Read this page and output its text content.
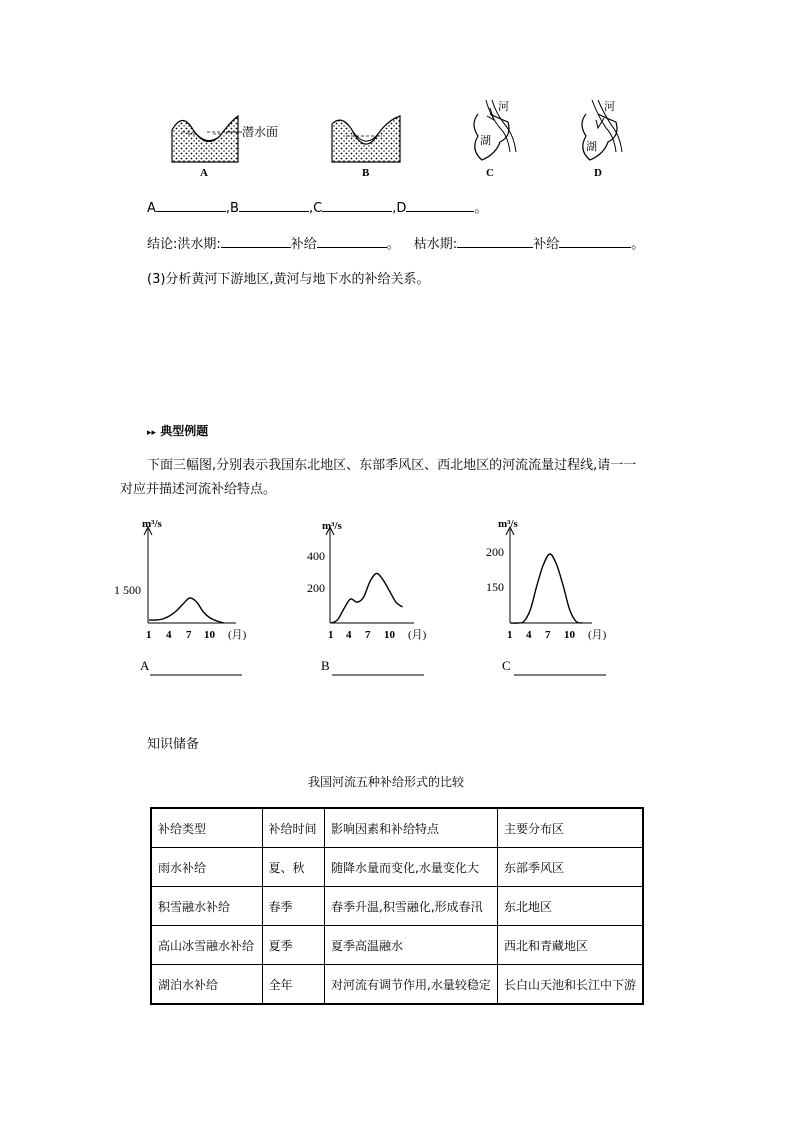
潜水面
A	B
河
湖
C
河
湖
D
A	,B	,C	,D	。
结论:洪水期:	补给	。 枯水期:	补给	。
(3)分析黄河下游地区,黄河与地下水的补给关系。
▸▸ 典型例题
下面三幅图,分别表示我国东北地区、东部季风区、西北地区的河流流量过程线,请一一
对应并描述河流补给特点。
m³/s
1 500
1 4 7 10 (月)
A
m³/s
400
200
1 4 7 10 (月)
B
m³/s
200
150
1 4 7 10 (月)
C
知识储备
我国河流五种补给形式的比较
补给类型	补给时间	影响因素和补给特点	主要分布区
雨水补给	夏、秋	随降水量而变化,水量变化大	东部季风区
积雪融水补给	春季	春季升温,积雪融化,形成春汛	东北地区
高山冰雪融水补给	夏季	夏季高温融水	西北和青藏地区
湖泊水补给	全年	对河流有调节作用,水量较稳定	长白山天池和长江中下游
